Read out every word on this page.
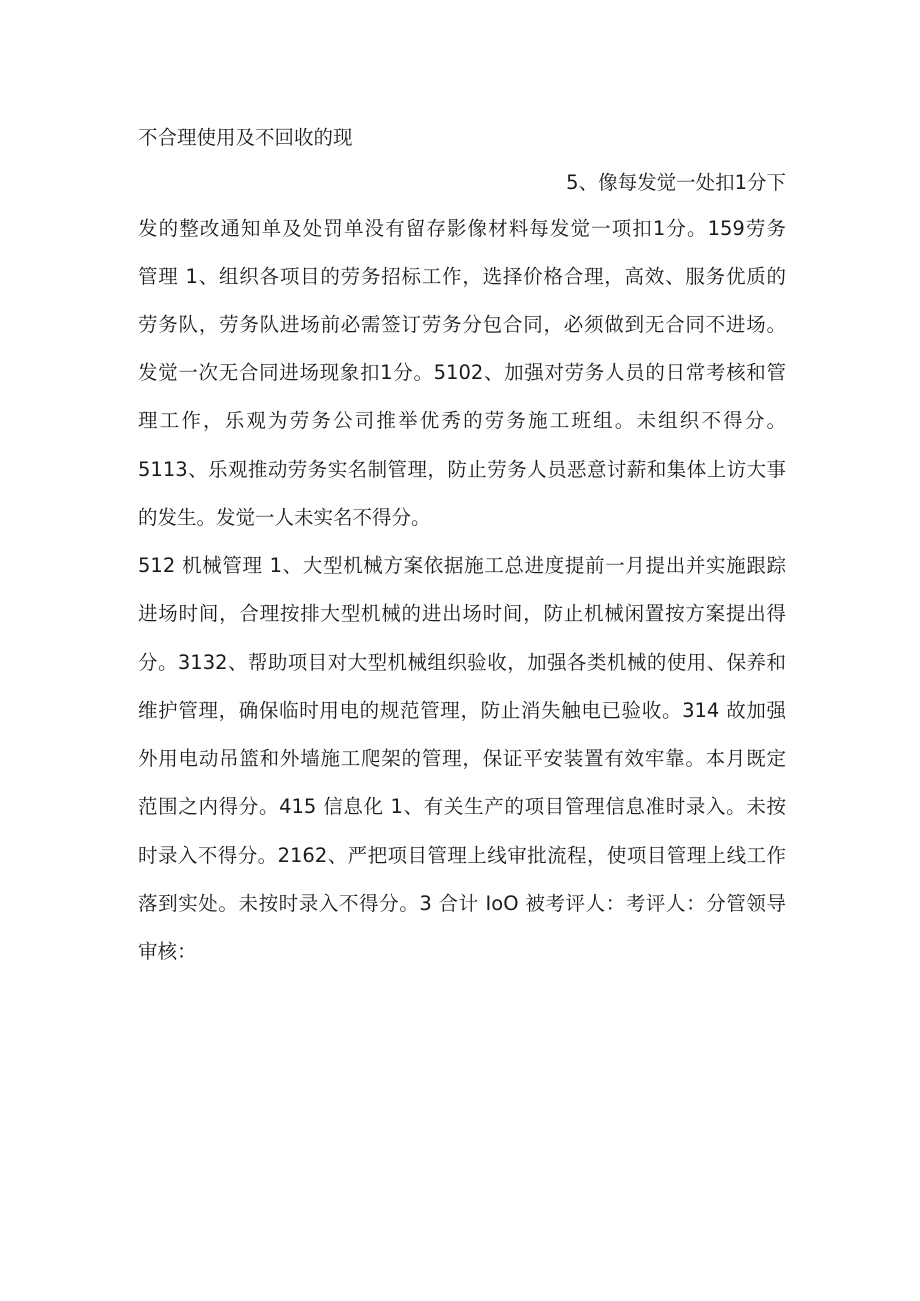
不合理使用及不回收的现
5、像每发觉一处扣1分下
发的整改通知单及处罚单没有留存影像材料每发觉一项扣1分。159劳务
管理 1、组织各项目的劳务招标工作，选择价格合理，高效、服务优质的
劳务队，劳务队进场前必需签订劳务分包合同，必须做到无合同不进场。
发觉一次无合同进场现象扣1分。5102、加强对劳务人员的日常考核和管
理工作，乐观为劳务公司推举优秀的劳务施工班组。未组织不得分。
5113、乐观推动劳务实名制管理，防止劳务人员恶意讨薪和集体上访大事
的发生。发觉一人未实名不得分。
512 机械管理 1、大型机械方案依据施工总进度提前一月提出并实施跟踪
进场时间，合理按排大型机械的进出场时间，防止机械闲置按方案提出得
分。3132、帮助项目对大型机械组织验收，加强各类机械的使用、保养和
维护管理，确保临时用电的规范管理，防止消失触电已验收。314 故加强
外用电动吊篮和外墙施工爬架的管理，保证平安装置有效牢靠。本月既定
范围之内得分。415 信息化 1、有关生产的项目管理信息准时录入。未按
时录入不得分。2162、严把项目管理上线审批流程，使项目管理上线工作
落到实处。未按时录入不得分。3 合计 IoO 被考评人：考评人：分管领导
审核：
